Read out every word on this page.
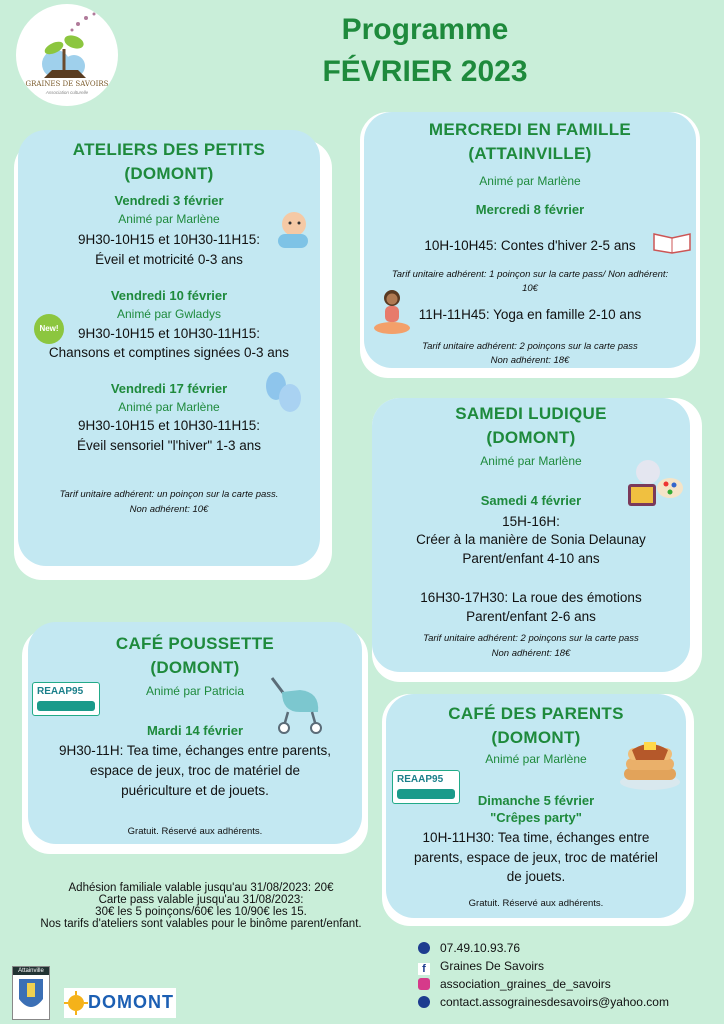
GRAINES DE SAVOIRS
Association culturelle
Programme
FÉVRIER 2023
ATELIERS DES PETITS
(DOMONT)
Vendredi 3 février
Animé par Marlène
9H30-10H15 et 10H30-11H15:
Éveil et motricité 0-3 ans
Vendredi 10 février
Animé par Gwladys
9H30-10H15 et 10H30-11H15:
Chansons et comptines signées 0-3 ans
New!
Vendredi 17 février
Animé par Marlène
9H30-10H15 et 10H30-11H15:
Éveil sensoriel "l'hiver" 1-3 ans
Tarif unitaire adhérent: un poinçon sur la carte pass.
Non adhérent: 10€
MERCREDI EN FAMILLE
(ATTAINVILLE)
Animé par Marlène
Mercredi 8 février
10H-10H45: Contes d'hiver 2-5 ans
Tarif unitaire adhérent: 1 poinçon sur la carte pass/ Non adhérent:
10€
11H-11H45: Yoga en famille 2-10 ans
Tarif unitaire adhérent: 2 poinçons sur la carte pass
Non adhérent: 18€
SAMEDI LUDIQUE
(DOMONT)
Animé par Marlène
Samedi 4 février
15H-16H:
Créer à la manière de Sonia Delaunay
Parent/enfant 4-10 ans
16H30-17H30: La roue des émotions
Parent/enfant 2-6 ans
Tarif unitaire adhérent: 2 poinçons sur la carte pass
Non adhérent: 18€
CAFÉ POUSSETTE
(DOMONT)
Animé par Patricia
REAAP95
Mardi 14 février
9H30-11H: Tea time, échanges entre parents,
espace de jeux, troc de matériel de
puériculture et de jouets.
Gratuit. Réservé aux adhérents.
CAFÉ DES PARENTS
(DOMONT)
Animé par Marlène
REAAP95
Dimanche 5 février
"Crêpes party"
10H-11H30: Tea time, échanges entre
parents, espace de jeux, troc de matériel
de jouets.
Gratuit. Réservé aux adhérents.
Adhésion familiale valable jusqu'au 31/08/2023: 20€
Carte pass valable jusqu'au 31/08/2023:
30€ les 5 poinçons/60€ les 10/90€ les 15.
Nos tarifs d'ateliers sont valables pour le binôme parent/enfant.
07.49.10.93.76
f Graines De Savoirs
association_graines_de_savoirs
contact.assograinesdesavoirs@yahoo.com
Attainville
DOMONT
